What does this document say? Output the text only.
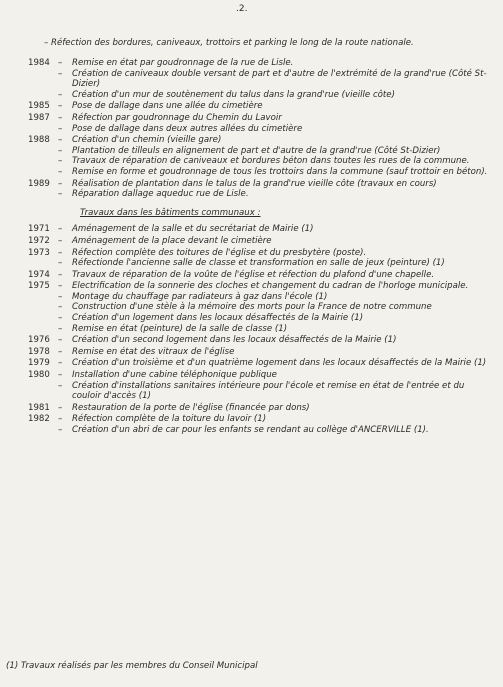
.2.
– Réfection des bordures, caniveaux, trottoirs et parking le long de la route nationale.
1984 – Remise en état par goudronnage de la rue de Lisle.
– Création de caniveaux double versant de part et d'autre de l'extrémité de la grand'rue (Côté St-Dizier)
– Création d'un mur de soutènement du talus dans la grand'rue (vieille côte)
1985 – Pose de dallage dans une allée du cimetière
1987 – Réfection par goudronnage du Chemin du Lavoir
– Pose de dallage dans deux autres allées du cimetière
1988 – Création d'un chemin (vieille gare)
– Plantation de tilleuls en alignement de part et d'autre de la grand'rue (Côté St-Dizier)
– Travaux de réparation de caniveaux et bordures béton dans toutes les rues de la commune.
– Remise en forme et goudronnage de tous les trottoirs dans la commune (sauf trottoir en béton).
1989 – Réalisation de plantation dans le talus de la grand'rue vieille côte (travaux en cours)
– Réparation dallage aqueduc rue de Lisle.
Travaux dans les bâtiments communaux :
1971 – Aménagement de la salle et du secrétariat de Mairie (1)
1972 – Aménagement de la place devant le cimetière
1973 – Réfection complète des toitures de l'église et du presbytère (poste).
– Réfectionde l'ancienne salle de classe et transformation en salle de jeux (peinture) (1)
1974 – Travaux de réparation de la voûte de l'église et réfection du plafond d'une chapelle.
1975 – Electrification de la sonnerie des cloches et changement du cadran de l'horloge municipale.
– Montage du chauffage par radiateurs à gaz dans l'école (1)
– Construction d'une stèle à la mémoire des morts pour la France de notre commune
– Création d'un logement dans les locaux désaffectés de la Mairie (1)
– Remise en état (peinture) de la salle de classe (1)
1976 – Création d'un second logement dans les locaux désaffectés de la Mairie (1)
1978 – Remise en état des vitraux de l'église
1979 – Création d'un troisième et d'un quatrième logement dans les locaux désaffectés de la Mairie (1)
1980 – Installation d'une cabine téléphonique publique
– Création d'installations sanitaires intérieure pour l'école et remise en état de l'entrée et du couloir d'accès (1)
1981 – Restauration de la porte de l'église (financée par dons)
1982 – Réfection complète de la toiture du lavoir (1)
– Création d'un abri de car pour les enfants se rendant au collège d'ANCERVILLE (1).
(1) Travaux réalisés par les membres du Conseil Municipal
